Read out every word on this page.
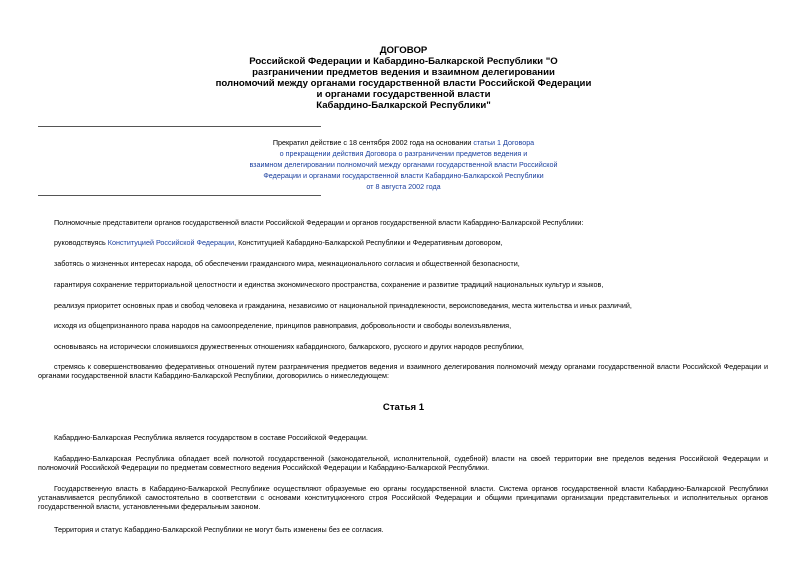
ДОГОВОР
Российской Федерации и Кабардино-Балкарской Республики "О
разграничении предметов ведения и взаимном делегировании
полномочий между органами государственной власти Российской Федерации
и органами государственной власти
Кабардино-Балкарской Республики"
Прекратил действие с 18 сентября 2002 года на основании статьи 1 Договора
о прекращении действия Договора о разграничении предметов ведения и
взаимном делегировании полномочий между органами государственной власти Российской
Федерации и органами государственной власти Кабардино-Балкарской Республики
от 8 августа 2002 года
Полномочные представители органов государственной власти Российской Федерации и органов государственной власти Кабардино-Балкарской Республики:
руководствуясь Конституцией Российской Федерации, Конституцией Кабардино-Балкарской Республики и Федеративным договором,
заботясь о жизненных интересах народа, об обеспечении гражданского мира, межнационального согласия и общественной безопасности,
гарантируя сохранение территориальной целостности и единства экономического пространства, сохранение и развитие традиций национальных культур и языков,
реализуя приоритет основных прав и свобод человека и гражданина, независимо от национальной принадлежности, вероисповедания, места жительства и иных различий,
исходя из общепризнанного права народов на самоопределение, принципов равноправия, добровольности и свободы волеизъявления,
основываясь на исторически сложившихся дружественных отношениях кабардинского, балкарского, русского и других народов республики,
стремясь к совершенствованию федеративных отношений путем разграничения предметов ведения и взаимного делегирования полномочий между органами государственной власти Российской Федерации и органами государственной власти Кабардино-Балкарской Республики, договорились о нижеследующем:
Статья 1
Кабардино-Балкарская Республика является государством в составе Российской Федерации.
Кабардино-Балкарская Республика обладает всей полнотой государственной (законодательной, исполнительной, судебной) власти на своей территории вне пределов ведения Российской Федерации и полномочий Российской Федерации по предметам совместного ведения Российской Федерации и Кабардино-Балкарской Республики.
Государственную власть в Кабардино-Балкарской Республике осуществляют образуемые ею органы государственной власти. Система органов государственной власти Кабардино-Балкарской Республики устанавливается республикой самостоятельно в соответствии с основами конституционного строя Российской Федерации и общими принципами организации представительных и исполнительных органов государственной власти, установленными федеральным законом.
Территория и статус Кабардино-Балкарской Республики не могут быть изменены без ее согласия.
